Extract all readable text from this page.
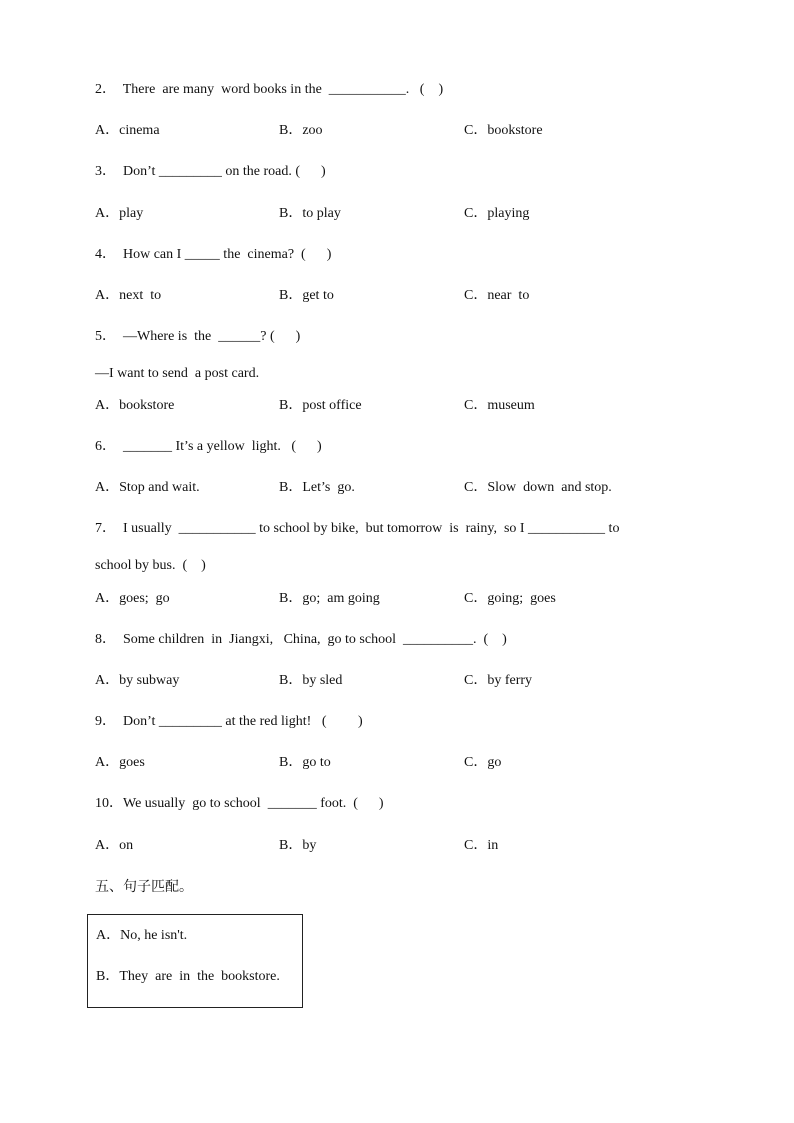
2．  There  are many  word books in the  ___________.   (    )
A．cinema	B．zoo	C．bookstore
3．  Don’t _________ on the road. (      )
A．play	B．to play	C．playing
4．  How can I _____ the  cinema?  (      )
A．next  to	B．get to	C．near  to
5．  —Where is  the  ______? (      )
—I want to send  a post card.
A．bookstore	B．post office	C．museum
6．  _______ It’s a yellow  light.   (      )
A．Stop and wait.	B．Let’s  go.	C．Slow  down  and stop.
7．  I usually  ___________ to school by bike,  but tomorrow  is  rainy,  so I ___________ to
school by bus.  (    )
A．goes;  go	B．go;  am going	C．going;  goes
8．  Some children  in  Jiangxi,   China,  go to school  __________.  (    )
A．by subway	B．by sled	C．by ferry
9．  Don’t _________ at the red light!   (         )
A．goes	B．go to	C．go
10．We usually  go to school  _______ foot.  (      )
A．on	B．by	C．in
五、句子匹配。
A．No, he isn't.
B．They  are  in  the  bookstore.
